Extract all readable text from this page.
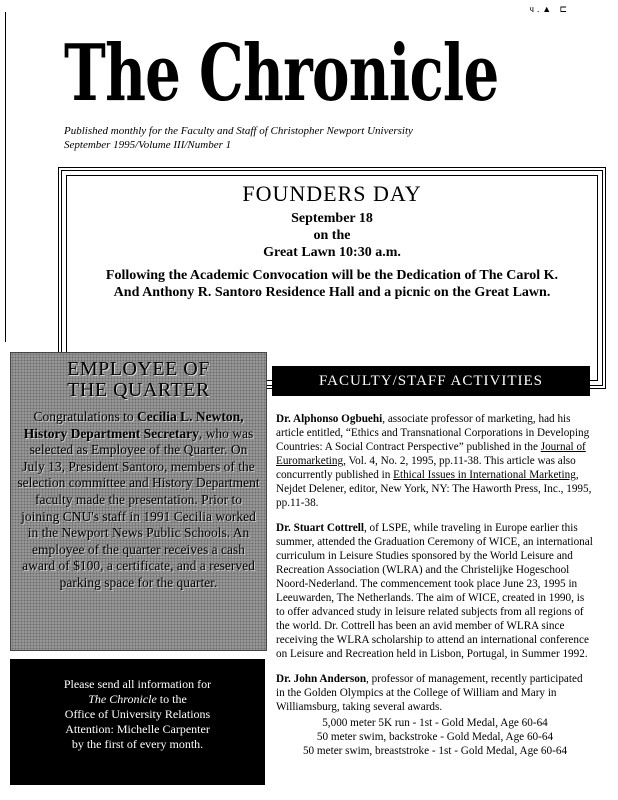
ч.▲ ⊏
The Chronicle
Published monthly for the Faculty and Staff of Christopher Newport University
September 1995/Volume III/Number 1
FOUNDERS DAY
September 18
on the
Great Lawn 10:30 a.m.
Following the Academic Convocation will be the Dedication of The Carol K. And Anthony R. Santoro Residence Hall and a picnic on the Great Lawn.
EMPLOYEE OF
THE QUARTER
Congratulations to Cecilia L. Newton, History Department Secretary, who was selected as Employee of the Quarter. On July 13, President Santoro, members of the selection committee and History Department faculty made the presentation. Prior to joining CNU's staff in 1991 Cecilia worked in the Newport News Public Schools. An employee of the quarter receives a cash award of $100, a certificate, and a reserved parking space for the quarter.
Please send all information for
The Chronicle to the
Office of University Relations
Attention: Michelle Carpenter
by the first of every month.
FACULTY/STAFF ACTIVITIES

Dr. Alphonso Ogbuehi, associate professor of marketing, had his article entitled, “Ethics and Transnational Corporations in Developing Countries: A Social Contract Perspective” published in the Journal of Euromarketing, Vol. 4, No. 2, 1995, pp.11-38. This article was also concurrently published in Ethical Issues in International Marketing, Nejdet Delener, editor, New York, NY: The Haworth Press, Inc., 1995, pp.11-38.

Dr. Stuart Cottrell, of LSPE, while traveling in Europe earlier this summer, attended the Graduation Ceremony of WICE, an international curriculum in Leisure Studies sponsored by the World Leisure and Recreation Association (WLRA) and the Christelijke Hogeschool Noord-Nederland. The commencement took place June 23, 1995 in Leeuwarden, The Netherlands. The aim of WICE, created in 1990, is to offer advanced study in leisure related subjects from all regions of the world. Dr. Cottrell has been an avid member of WLRA since receiving the WLRA scholarship to attend an international conference on Leisure and Recreation held in Lisbon, Portugal, in Summer 1992.

Dr. John Anderson, professor of management, recently participated in the Golden Olympics at the College of William and Mary in Williamsburg, taking several awards.

5,000 meter 5K run - 1st - Gold Medal, Age 60-64
50 meter swim, backstroke - Gold Medal, Age 60-64
50 meter swim, breaststroke - 1st - Gold Medal, Age 60-64
